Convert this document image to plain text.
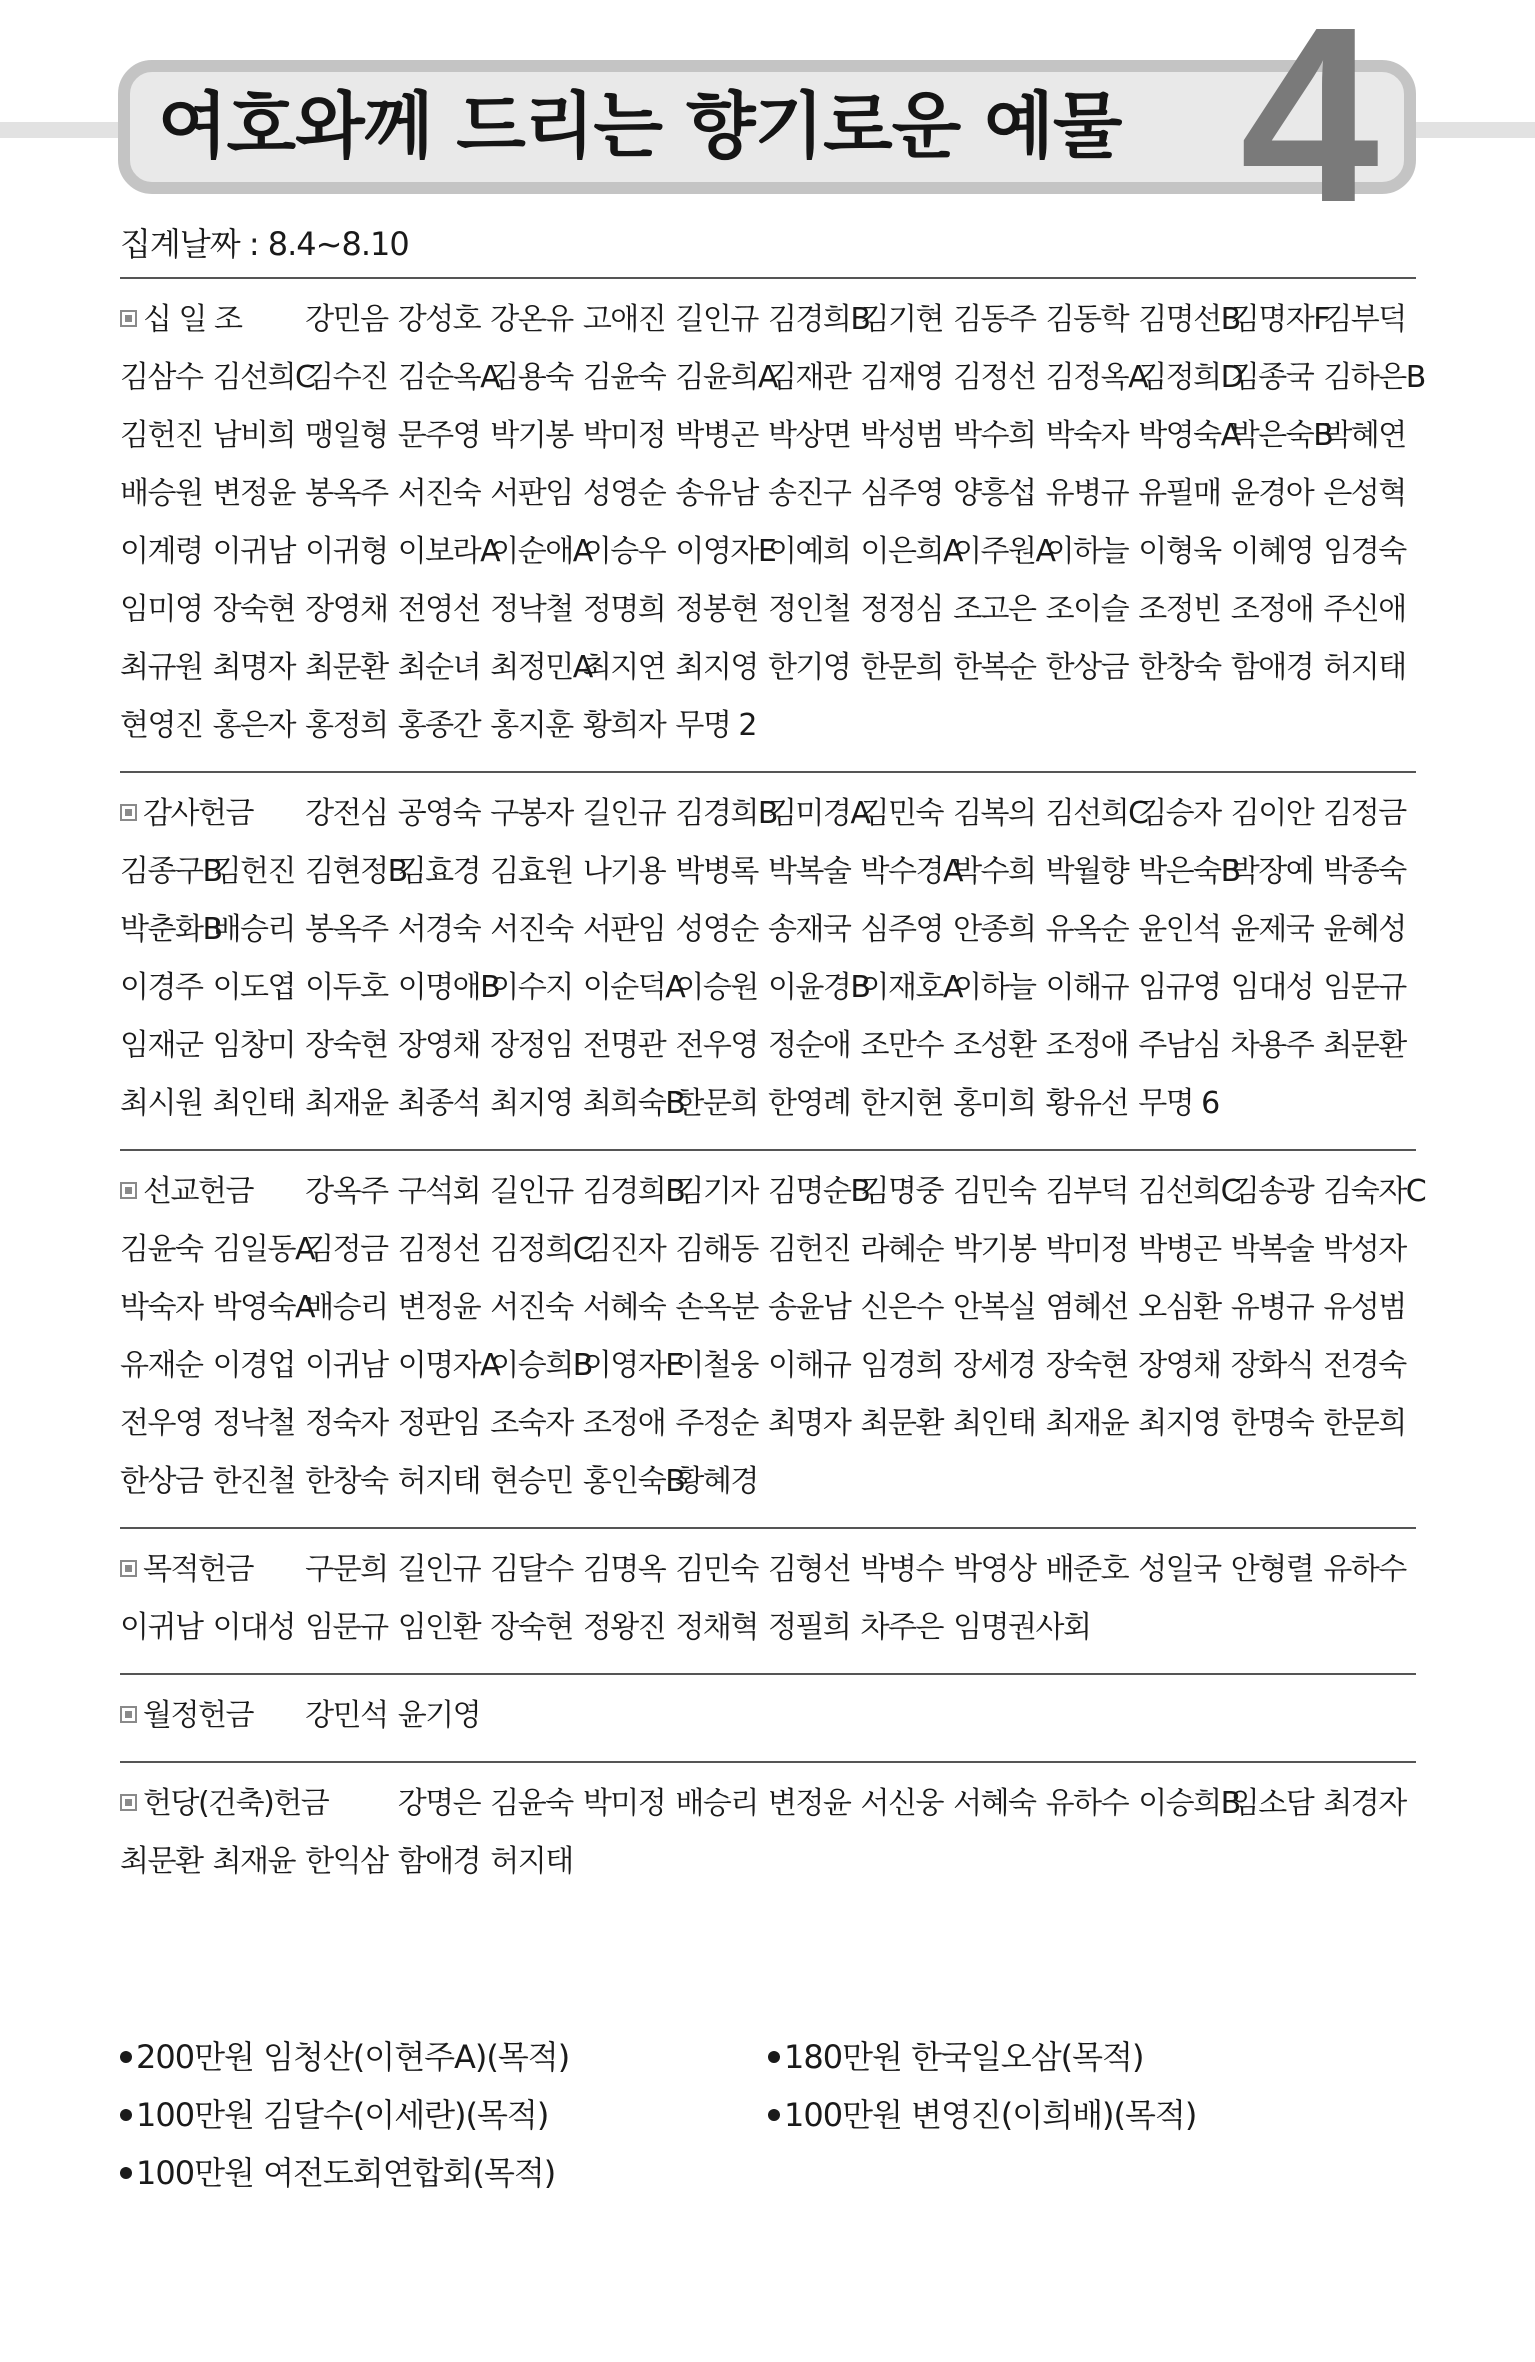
여호와께 드리는 향기로운 예물 4
집계날짜 : 8.4~8.10
십 일 조	강민음 강성호 강온유 고애진 길인규 김경희B
김기현 김동주 김동학 김명선B
김명자F
김부덕
김삼수 김선희C
김수진 김순옥A
김용숙 김윤숙 김윤희A
김재관 김재영 김정선 김정옥A
김정희D
김종국 김하은B
김헌진 남비희 맹일형 문주영 박기봉 박미정 박병곤 박상면 박성범 박수희 박숙자 박영숙A
박은숙B
박혜연
배승원 변정윤 봉옥주 서진숙 서판임 성영순 송유남 송진구 심주영 양흥섭 유병규 유필매 윤경아 은성혁
이계령 이귀남 이귀형 이보라A
이순애A
이승우 이영자E
이예희 이은희A
이주원A
이하늘 이형욱 이혜영 임경숙
임미영 장숙현 장영채 전영선 정낙철 정명희 정봉현 정인철 정정심 조고은 조이슬 조정빈 조정애 주신애
최규원 최명자 최문환 최순녀 최정민A
최지연 최지영 한기영 한문희 한복순 한상금 한창숙 함애경 허지태
현영진 홍은자 홍정희 홍종간 홍지훈 황희자 무명 2
감사헌금	강전심 공영숙 구봉자 길인규 김경희B
김미경A
김민숙 김복의 김선희C
김승자 김이안 김정금
김종구B
김헌진 김현정B
김효경 김효원 나기용 박병록 박복술 박수경A
박수희 박월향 박은숙B
박장예 박종숙
박춘화B
배승리 봉옥주 서경숙 서진숙 서판임 성영순 송재국 심주영 안종희 유옥순 윤인석 윤제국 윤혜성
이경주 이도엽 이두호 이명애B
이수지 이순덕A
이승원 이윤경B
이재호A
이하늘 이해규 임규영 임대성 임문규
임재군 임창미 장숙현 장영채 장정임 전명관 전우영 정순애 조만수 조성환 조정애 주남심 차용주 최문환
최시원 최인태 최재윤 최종석 최지영 최희숙B
한문희 한영례 한지현 홍미희 황유선 무명 6
선교헌금	강옥주 구석회 길인규 김경희B
김기자 김명순B
김명중 김민숙 김부덕 김선희C
김송광 김숙자C
김윤숙 김일동A
김정금 김정선 김정희C
김진자 김해동 김헌진 라혜순 박기봉 박미정 박병곤 박복술 박성자
박숙자 박영숙A
배승리 변정윤 서진숙 서혜숙 손옥분 송윤남 신은수 안복실 염혜선 오심환 유병규 유성범
유재순 이경업 이귀남 이명자A
이승희B
이영자E
이철웅 이해규 임경희 장세경 장숙현 장영채 장화식 전경숙
전우영 정낙철 정숙자 정판임 조숙자 조정애 주정순 최명자 최문환 최인태 최재윤 최지영 한명숙 한문희
한상금 한진철 한창숙 허지태 현승민 홍인숙B
황혜경
목적헌금	구문희 길인규 김달수 김명옥 김민숙 김형선 박병수 박영상 배준호 성일국 안형렬 유하수
이귀남 이대성 임문규 임인환 장숙현 정왕진 정채혁 정필희 차주은 임명권사회
월정헌금	강민석 윤기영
헌당(건축)헌금	강명은 김윤숙 박미정 배승리 변정윤 서신웅 서혜숙 유하수 이승희B
임소담 최경자
최문환 최재윤 한익삼 함애경 허지태
200만원 임청산(이현주A)(목적)	180만원 한국일오삼(목적)
100만원 김달수(이세란)(목적)	100만원 변영진(이희배)(목적)
100만원 여전도회연합회(목적)
